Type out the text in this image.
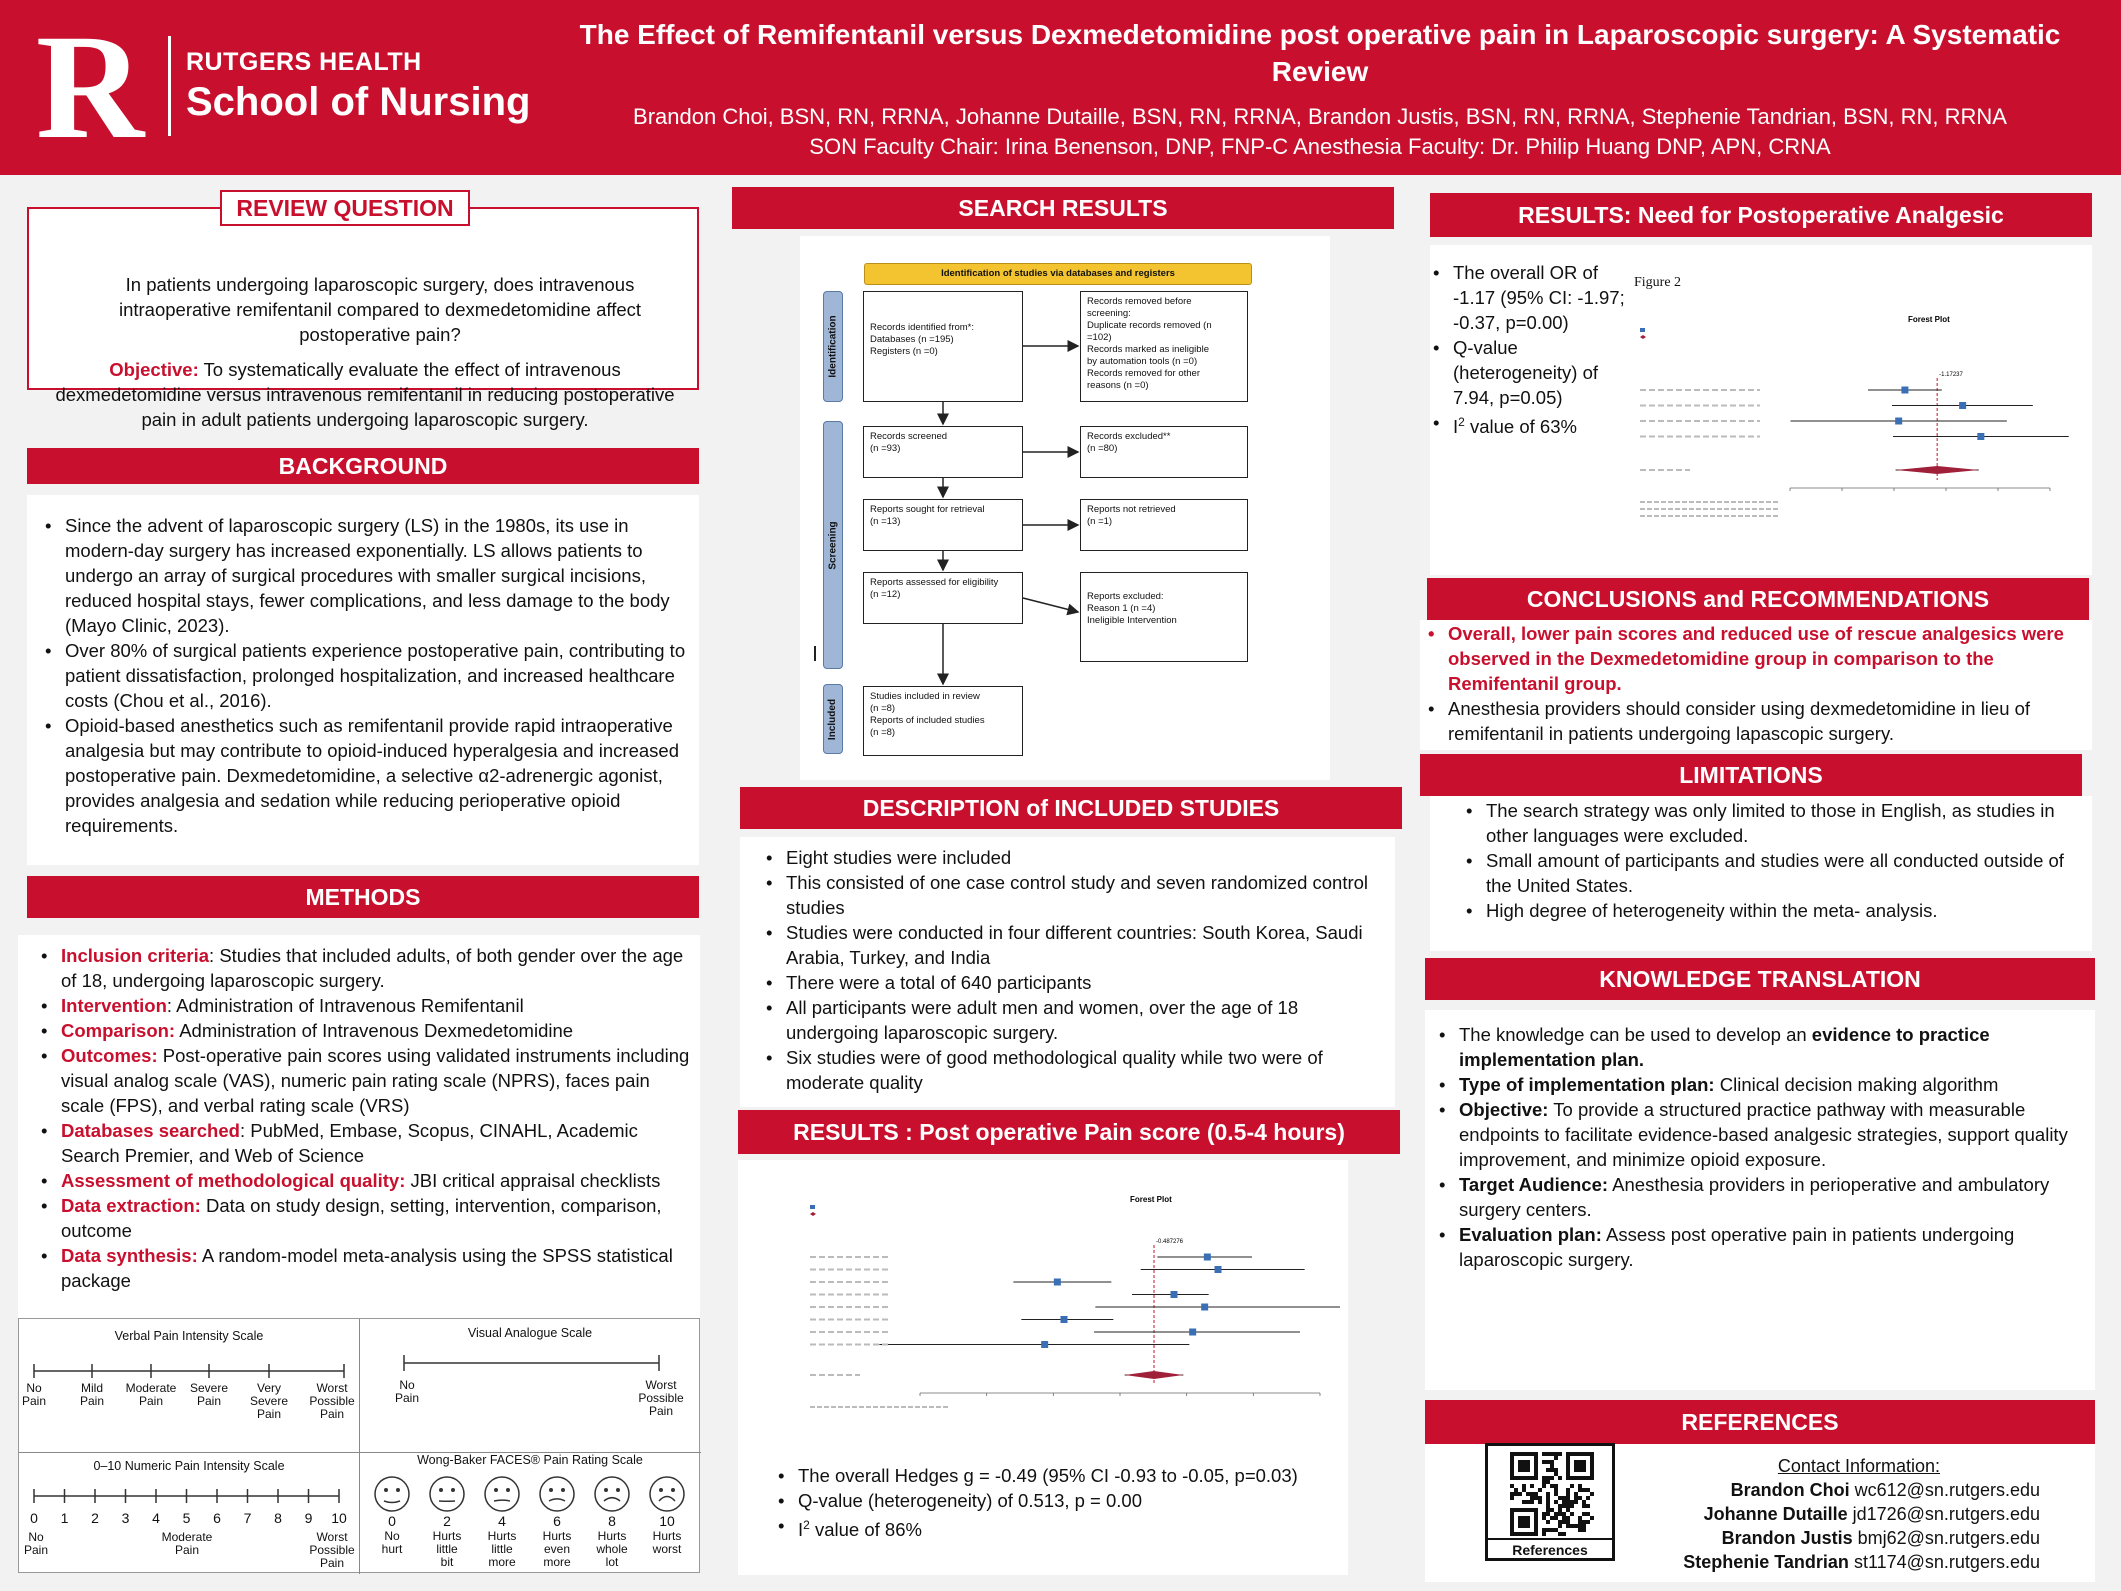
R RUTGERS HEALTH
School of Nursing
The Effect of Remifentanil versus Dexmedetomidine post operative pain in Laparoscopic surgery: A Systematic Review
Brandon Choi, BSN, RN, RRNA, Johanne Dutaille, BSN, RN, RRNA, Brandon Justis, BSN, RN, RRNA, Stephenie Tandrian, BSN, RN, RRNA
SON Faculty Chair: Irina Benenson, DNP, FNP-C Anesthesia Faculty: Dr. Philip Huang DNP, APN, CRNA
REVIEW QUESTION
In patients undergoing laparoscopic surgery, does intravenous intraoperative remifentanil compared to dexmedetomidine affect postoperative pain?
Objective: To systematically evaluate the effect of intravenous dexmedetomidine versus intravenous remifentanil in reducing postoperative pain in adult patients undergoing laparoscopic surgery.
BACKGROUND
• Since the advent of laparoscopic surgery (LS) in the 1980s, its use in modern-day surgery has increased exponentially. LS allows patients to undergo an array of surgical procedures with smaller surgical incisions, reduced hospital stays, fewer complications, and less damage to the body (Mayo Clinic, 2023).
• Over 80% of surgical patients experience postoperative pain, contributing to patient dissatisfaction, prolonged hospitalization, and increased healthcare costs (Chou et al., 2016).
• Opioid-based anesthetics such as remifentanil provide rapid intraoperative analgesia but may contribute to opioid-induced hyperalgesia and increased postoperative pain. Dexmedetomidine, a selective α2-adrenergic agonist, provides analgesia and sedation while reducing perioperative opioid requirements.
METHODS
• Inclusion criteria: Studies that included adults, of both gender over the age of 18, undergoing laparoscopic surgery.
• Intervention: Administration of Intravenous Remifentanil
• Comparison: Administration of Intravenous Dexmedetomidine
• Outcomes: Post-operative pain scores using validated instruments including visual analog scale (VAS), numeric pain rating scale (NPRS), faces pain scale (FPS), and verbal rating scale (VRS)
• Databases searched: PubMed, Embase, Scopus, CINAHL, Academic Search Premier, and Web of Science
• Assessment of methodological quality: JBI critical appraisal checklists
• Data extraction: Data on study design, setting, intervention, comparison, outcome
• Data synthesis: A random-model meta-analysis using the SPSS statistical package
Verbal Pain Intensity Scale
No
Pain
Mild
Pain
Moderate
Pain
Severe
Pain
Very
Severe
Pain
Worst
Possible
Pain
Visual Analogue Scale
No
Pain
Worst
Possible
Pain
0–10 Numeric Pain Intensity Scale
No
Pain
Moderate
Pain
Worst
Possible
Pain
Wong-Baker FACES® Pain Rating Scale
0	1	2	3	4	5	6	7	8	9	10	0
No
hurt
2
Hurts
little
bit
4
Hurts
little
more
6
Hurts
even
more
8
Hurts
whole
lot
10
Hurts
worst
SEARCH RESULTS
Identification of studies via databases and registers
Identification
Screening
Included
Records identified from*:
Databases (n =195)
Registers (n =0)
Records removed before
screening:
Duplicate records removed (n
=102)
Records marked as ineligible
by automation tools (n =0)
Records removed for other
reasons (n =0)
Records screened
(n =93)
Records excluded**
(n =80)
Reports sought for retrieval
(n =13)
Reports not retrieved
(n =1)
Reports assessed for eligibility
(n =12)	Reports excluded:
Reason 1 (n =4)
Ineligible Intervention
Studies included in review
(n =8)
Reports of included studies
(n =8)
DESCRIPTION of INCLUDED STUDIES
• Eight studies were included
• This consisted of one case control study and seven randomized control studies
• Studies were conducted in four different countries: South Korea, Saudi Arabia, Turkey, and India
• There were a total of 640 participants
• All participants were adult men and women, over the age of 18 undergoing laparoscopic surgery.
• Six studies were of good methodological quality while two were of moderate quality
RESULTS : Post operative Pain score (0.5-4 hours)
Forest Plot
-0.487276
• The overall Hedges g = -0.49 (95% CI -0.93 to -0.05, p=0.03)
• Q-value (heterogeneity) of 0.513, p = 0.00
• $I^2$ value of 86%
RESULTS: Need for Postoperative Analgesic
• The overall OR of -1.17 (95% CI: -1.97; -0.37, p=0.00)
• Q-value (heterogeneity) of 7.94, p=0.05)
• $I^2$ value of 63%
Figure 2
Forest Plot
-1.17237
CONCLUSIONS and RECOMMENDATIONS
• Overall, lower pain scores and reduced use of rescue analgesics were observed in the Dexmedetomidine group in comparison to the Remifentanil group.
• Anesthesia providers should consider using dexmedetomidine in lieu of remifentanil in patients undergoing lapascopic surgery.
LIMITATIONS
• The search strategy was only limited to those in English, as studies in other languages were excluded.
• Small amount of participants and studies were all conducted outside of the United States.
• High degree of heterogeneity within the meta- analysis.
KNOWLEDGE TRANSLATION
• The knowledge can be used to develop an evidence to practice implementation plan.
• Type of implementation plan: Clinical decision making algorithm
• Objective: To provide a structured practice pathway with measurable endpoints to facilitate evidence-based analgesic strategies, support quality improvement, and minimize opioid exposure.
• Target Audience: Anesthesia providers in perioperative and ambulatory surgery centers.
• Evaluation plan: Assess post operative pain in patients undergoing laparoscopic surgery.
REFERENCES
References
Contact Information:
Brandon Choi wc612@sn.rutgers.edu
Johanne Dutaille jd1726@sn.rutgers.edu
Brandon Justis bmj62@sn.rutgers.edu
Stephenie Tandrian st1174@sn.rutgers.edu
